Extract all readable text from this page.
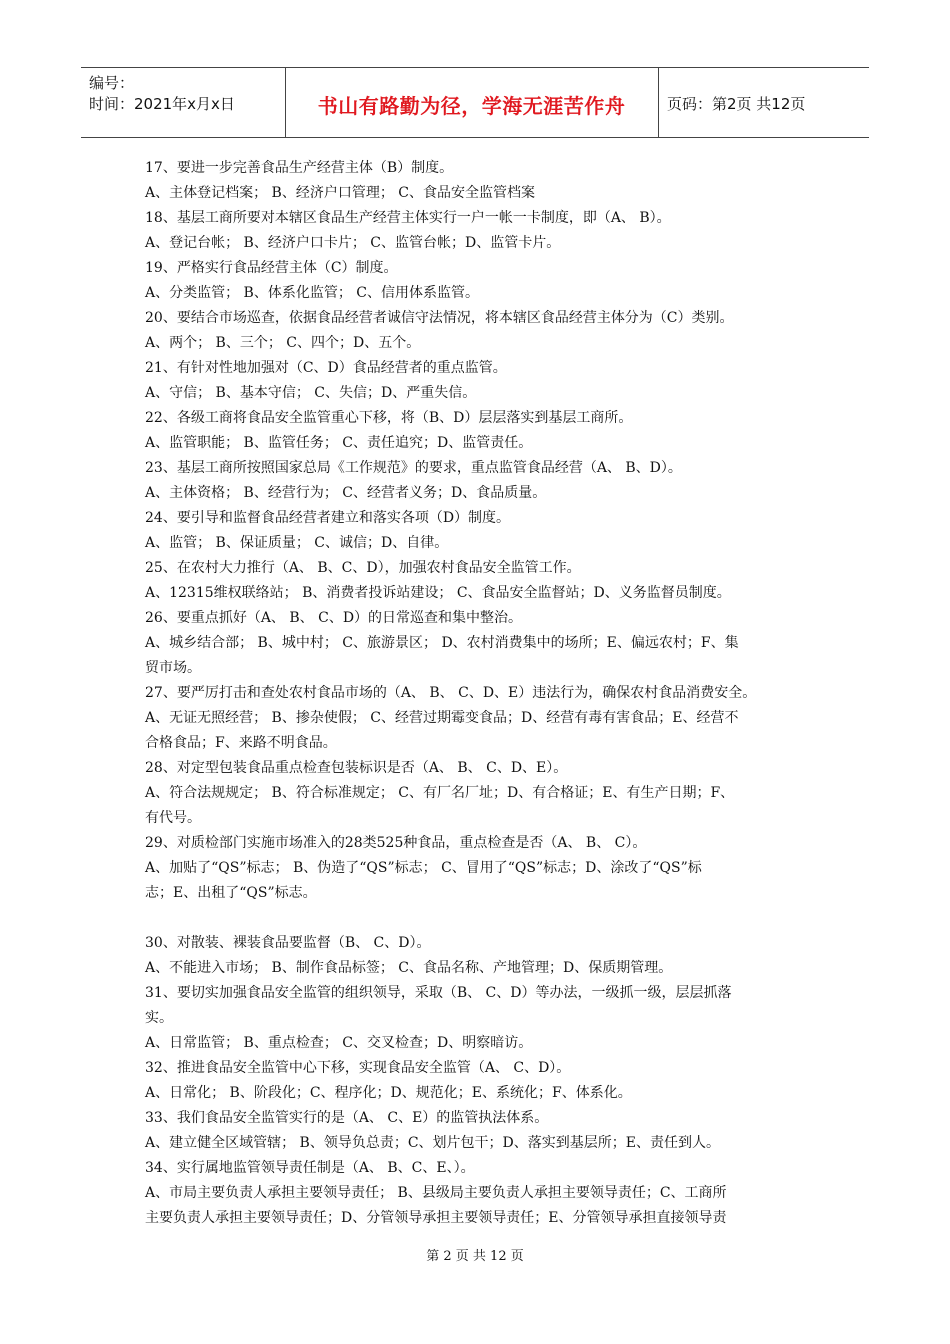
编号：
时间：2021年x月x日	书山有路勤为径，学海无涯苦作舟	页码：第2页 共12页
17、要进一步完善食品生产经营主体（B）制度。
A、主体登记档案； B、经济户口管理； C、食品安全监管档案
18、基层工商所要对本辖区食品生产经营主体实行一户一帐一卡制度，即（A、 B）。
A、登记台帐； B、经济户口卡片； C、监管台帐；D、监管卡片。
19、严格实行食品经营主体（C）制度。
A、分类监管； B、体系化监管； C、信用体系监管。
20、要结合市场巡查，依据食品经营者诚信守法情况，将本辖区食品经营主体分为（C）类别。
A、两个； B、三个； C、四个；D、五个。
21、有针对性地加强对（C、D）食品经营者的重点监管。
A、守信； B、基本守信； C、失信；D、严重失信。
22、各级工商将食品安全监管重心下移，将（B、D）层层落实到基层工商所。
A、监管职能； B、监管任务； C、责任追究；D、监管责任。
23、基层工商所按照国家总局《工作规范》的要求，重点监管食品经营（A、 B、D）。
A、主体资格； B、经营行为； C、经营者义务；D、食品质量。
24、要引导和监督食品经营者建立和落实各项（D）制度。
A、监管； B、保证质量； C、诚信；D、自律。
25、在农村大力推行（A、 B、C、D），加强农村食品安全监管工作。
A、12315维权联络站； B、消费者投诉站建设； C、食品安全监督站；D、义务监督员制度。
26、要重点抓好（A、 B、 C、D）的日常巡查和集中整治。
A、城乡结合部； B、城中村； C、旅游景区； D、农村消费集中的场所；E、偏远农村；F、集
贸市场。
27、要严厉打击和查处农村食品市场的（A、 B、 C、D、E）违法行为，确保农村食品消费安全。
A、无证无照经营； B、掺杂使假； C、经营过期霉变食品；D、经营有毒有害食品；E、经营不
合格食品；F、来路不明食品。
28、对定型包装食品重点检查包装标识是否（A、 B、 C、D、E）。
A、符合法规规定； B、符合标准规定； C、有厂名厂址；D、有合格证；E、有生产日期；F、
有代号。
29、对质检部门实施市场准入的28类525种食品，重点检查是否（A、 B、 C）。
A、加贴了“QS”标志； B、伪造了“QS”标志； C、冒用了“QS”标志；D、涂改了“QS”标
志；E、出租了“QS”标志。
30、对散装、裸装食品要监督（B、 C、D）。
A、不能进入市场； B、制作食品标签； C、食品名称、产地管理；D、保质期管理。
31、要切实加强食品安全监管的组织领导，采取（B、 C、D）等办法，一级抓一级，层层抓落
实。
A、日常监管； B、重点检查； C、交叉检查；D、明察暗访。
32、推进食品安全监管中心下移，实现食品安全监管（A、 C、D）。
A、日常化； B、阶段化；C、程序化；D、规范化；E、系统化；F、体系化。
33、我们食品安全监管实行的是（A、 C、E）的监管执法体系。
A、建立健全区域管辖； B、领导负总责；C、划片包干；D、落实到基层所；E、责任到人。
34、实行属地监管领导责任制是（A、 B、C、E、）。
A、市局主要负责人承担主要领导责任； B、县级局主要负责人承担主要领导责任；C、工商所
主要负责人承担主要领导责任；D、分管领导承担主要领导责任；E、分管领导承担直接领导责
第 2 页 共 12 页
